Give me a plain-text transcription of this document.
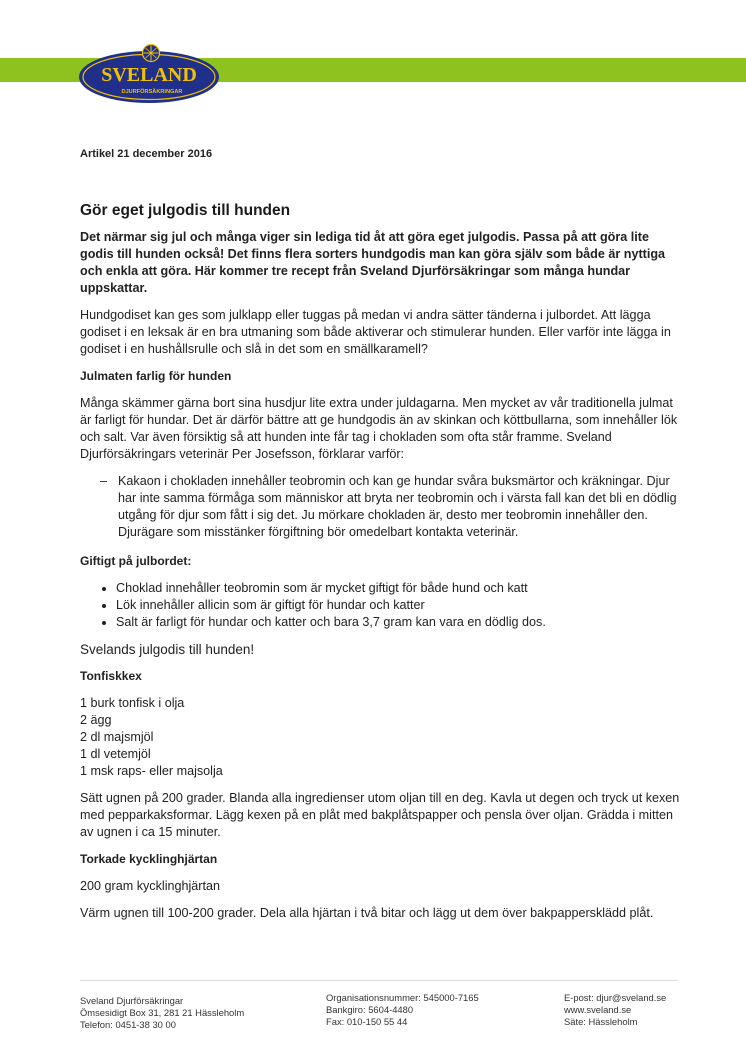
SVELAND
DJURFÖRSÄKRINGAR

Artikel 21 december 2016

Gör eget julgodis till hunden

Det närmar sig jul och många viger sin lediga tid åt att göra eget julgodis. Passa på att göra lite godis till hunden också! Det finns flera sorters hundgodis man kan göra själv som både är nyttiga och enkla att göra. Här kommer tre recept från Sveland Djurförsäkringar som många hundar uppskattar.

Hundgodiset kan ges som julklapp eller tuggas på medan vi andra sätter tänderna i julbordet. Att lägga godiset i en leksak är en bra utmaning som både aktiverar och stimulerar hunden. Eller varför inte lägga in godiset i en hushållsrulle och slå in det som en smällkaramell?

Julmaten farlig för hunden

Många skämmer gärna bort sina husdjur lite extra under juldagarna. Men mycket av vår traditionella julmat är farligt för hundar. Det är därför bättre att ge hundgodis än av skinkan och köttbullarna, som innehåller lök och salt. Var även försiktig så att hunden inte får tag i chokladen som ofta står framme. Sveland Djurförsäkringars veterinär Per Josefsson, förklarar varför:

– Kakaon i chokladen innehåller teobromin och kan ge hundar svåra buksmärtor och kräkningar. Djur har inte samma förmåga som människor att bryta ner teobromin och i värsta fall kan det bli en dödlig utgång för djur som fått i sig det. Ju mörkare chokladen är, desto mer teobromin innehåller den. Djurägare som misstänker förgiftning bör omedelbart kontakta veterinär.

Giftigt på julbordet:

• Choklad innehåller teobromin som är mycket giftigt för både hund och katt
• Lök innehåller allicin som är giftigt för hundar och katter
• Salt är farligt för hundar och katter och bara 3,7 gram kan vara en dödlig dos.

Svelands julgodis till hunden!

Tonfiskkex

1 burk tonfisk i olja
2 ägg
2 dl majsmjöl
1 dl vetemjöl
1 msk raps- eller majsolja

Sätt ugnen på 200 grader. Blanda alla ingredienser utom oljan till en deg. Kavla ut degen och tryck ut kexen med pepparkaksformar. Lägg kexen på en plåt med bakplåtspapper och pensla över oljan. Grädda i mitten av ugnen i ca 15 minuter.

Torkade kycklinghjärtan

200 gram kycklinghjärtan

Värm ugnen till 100-200 grader. Dela alla hjärtan i två bitar och lägg ut dem över bakpappersklädd plåt.

Sveland Djurförsäkringar
Ömsesidigt Box 31, 281 21 Hässleholm
Telefon: 0451-38 30 00
Organisationsnummer: 545000-7165
Bankgiro: 5604-4480
Fax: 010-150 55 44
E-post: djur@sveland.se
www.sveland.se
Säte: Hässleholm
